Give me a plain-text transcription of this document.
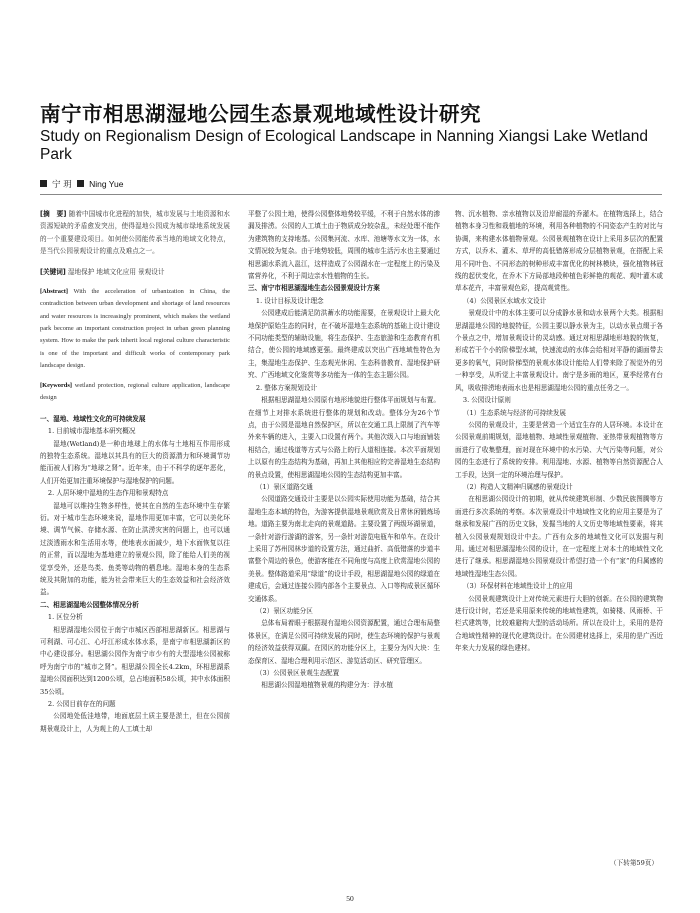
南宁市相思湖湿地公园生态景观地域性设计研究
Study on Regionalism Design of Ecological Landscape in Nanning Xiangsi Lake Wetland Park
宁 玥 Ning Yue

[摘　要] 随着中国城市化进程的加快，城市发展与土地资源和水资源短缺的矛盾愈发突出，使得湿地公园成为城市绿地系统发展的一个重要建设项目。如何使公园能传承当地的地域文化特点，是当代公园景观设计的重点及难点之一。

[关键词] 湿地保护 地域文化应用 景观设计

[Abstract] With the acceleration of urbanization in China, the contradiction between urban development and shortage of land resources and water resources is increasingly prominent, which makes the wetland park become an important construction project in urban green planning system. How to make the park inherit local regional culture characteristic is one of the important and difficult works of contemporary park landscape design.

[Keywords] wetland protection, regional culture application, landscape design

一、湿地、地域性文化的可持续发展

1. 目前城市湿地基本研究概况

湿地(Wetland)是一种由地球上的水体与土地相互作用形成的独特生态系统。湿地以其具有的巨大的资源潜力和环境调节功能而被人们称为“地球之肾”。近年来，由于不科学的逐年恶化，人们开始更加注重环境保护与湿地保护的问题。

2. 人居环境中湿地的生态作用和景观特点

湿地可以维持生物多样性，使其在自然的生态环境中生存繁衍。对于城市生态环境来说，湿地作用更加丰富，它可以美化环境、调节气候、存储水源、在防止洪涝灾害的问题上，也可以通过淡透雨水和生活用水等，使地表水面减少，地下水面恢复以往的正常，而以湿地为基地建立的景观公园，除了能给人们美的视觉享受外，还是鸟类、鱼类等动物的栖息地。湿地本身的生态系统及其附加的功能，能为社会带来巨大的生态效益和社会经济效益。

二、相思湖湿地公园整体情况分析

1. 区位分析

相思湖湿地公园位于南宁市城区西部相思湖新区。相思湖与可利湖、可心江、心圩江形成水体水系，是南宁市相思湖新区的中心建设部分。相思湖公园作为南宁市少有的大型湿地公园被称呼为南宁市的“城市之肾”。相思湖公园全长4.2km，环相思湖系湿地公园面积达到1200公顷，总占地面积58公顷，其中水体面积35公顷。

2. 公园目前存在的问题

公园地处低洼地带，地面底层土质主要是淤土，但在公园前期景观设计上，人为观上的人工填土却

平整了公园土地，使得公园整体地势较平缓，不利于自然水体的渗漏及排涝。公园的人工填土由于物质成分较杂乱，未经处理不能作为建筑物的支持地基。公园集河流、水库、池塘等水文为一体，水文情况较为复杂。由于地势较低，周围的城市生活污水也主要通过相思湖水系流入邕江，这样造成了公园湖水在一定程度上的污染及富营养化，不利于周边亲水性植物的生长。

三、南宁市相思湖湿地生态公园景观设计方案

1. 设计目标及设计理念

公园建成后能满足防洪蓄水的功能需要，在景观设计上最大化地保护原始生态的同时，在不破坏湿地生态系统的基础上设计建设不同功能类型的辅助设施，将生态保护、生态旅游和生态教育有机结合，使公园的地域感更强。最终建成以突出广西地域性特色为主，集湿地生态保护、生态观光休闲、生态科普教育、湿地保护研究、广西地域文化鉴赏等多功能为一体的生态主题公园。

2. 整体方案规划设计

根据相思湖湿地公园原有地形地貌进行整体平面规划与布置。在细节上对排水系统进行整体的规划和改动。整体分为26个节点，由于公园是湿地自然保护区，所以在交通工具上限制了汽车等外来车辆的进入，主要入口设置有两个。其他次级入口与地面铺装相结合，通过栈道等方式与公路上的行人道相连接。本次平面规划上以原有的生态结构为基础，再加上其他相应的完善湿地生态结构的景点设置，使相思湖湿地公园的生态结构更加丰富。

（1）景区道路交通

公园道路交通设计主要是以公园实际使用功能为基础，结合其湿地生态本域的特色，为游客提供湿地景观欣赏及日常休闲锻炼场地。道路主要为南北走向的景观道路。主要设置了两级环湖景道，一条针对游行游湖的游客，另一条针对游览电瓶车和单车。在设计上采用了苏州园林步道的设置方法，通过曲折、高低错落的步道丰富整个周边的景色，使游客能在不同角度与高度上欣赏湿地公园的美景。整体路道采用“绿道”的设计手段，相思湖湿地公园的绿道在建成后，会通过连接公园内部各个主要景点、入口等构成景区循环交通体系。

（2）景区功能分区

总体布局着眼于根据现有湿地公园资源配置，通过合理布局整体景区，在满足公园可持续发展的同时，使生态环境的保护与景观的经济效益获得双赢。在园区的功能分区上，主要分为四大块：生态保育区、湿地合理利用示范区、游览活动区、研究管理区。

（3）公园景区景观生态配置

相思湖公园湿地植物景观的构建分为：浮水植

物、沉水植物、亲水植物以及沿岸耐湿的乔灌木。在植物选择上，结合植物本身习性和栽植地的环境，利用各种植物的不同姿态产生的对比与协调，来构建水体植物景观。公园景观植物在设计上采用多层次的配置方式，以乔木、灌木、草坪的高低错落形成分层植物景观，在搭配上采用不同叶色、不同形态的树种形成丰富优化的树林模块，强化植物林冠线的起伏变化，在乔木下方局部地段种植色彩鲜艳的观花、观叶灌木或草本花卉，丰富景观色彩，提高观赏性。

（4）公园景区水域水文设计

景观设计中的水体主要可以分成静水景和动水景两个大类。根据相思湖湿地公园的地貌特征，公园主要以静水景为主，以动水景点缀于各个景点之中，增加景观设计的灵动感。通过对相思湖地形地貌的恢复，形成若干个小的阶梯型水域，快速流动的水体会给相对平静的湖面带去更多的氧气，同时阶梯型的景观水体设计能给人们带来除了视觉外的另一种享受，从听觉上丰富景观设计。南宁是多雨的地区，夏季经常有台风，吸收排涝地表雨水也是相思湖湿地公园的重点任务之一。

3. 公园设计原则

（1）生态系统与经济的可持续发展

公园的景观设计，主要是营造一个适宜生存的人居环境。本设计在公园景观前期规划，湿地植物、地域性景观植物、亚热带景观植物等方面进行了收集整理，面对现在环境中的水污染、大气污染等问题，对公园的生态进行了系统的安排。利用湿地、水源、植物等自然资源配合人工手段，达到一定的环境治理与保护。

（2）构造人文精神归属感的景观设计

在相思湖公园设计的初期，就从传统建筑形制、少数民族图腾等方面进行多次系统的考察。本次景观设计中地域性文化的应用主要是为了继承和发展广西的历史文脉，发掘当地的人文历史等地域性要素，将其植入公园景观规划设计中去。广西有众多的地域性文化可以发掘与利用。通过对相思湖湿地公园的设计，在一定程度上对本土的地域性文化进行了继承。相思湖湿地公园景观设计希望打造一个有“家”的归属感的地域性湿地生态公园。

（3）环保材料在地域性设计上的应用

公园景观建筑设计上对传统元素进行大胆的创新。在公园的建筑物进行设计时，若还是采用原来传统的地域性建筑，如骑楼、风雨桥、干栏式建筑等，比较难避构大型的活动场所。所以在设计上，采用的是符合地域性精神的现代化建筑设计。在公园建材选择上，采用的是广西近年来大力发展的绿色建材。

（下转第59页）
50
